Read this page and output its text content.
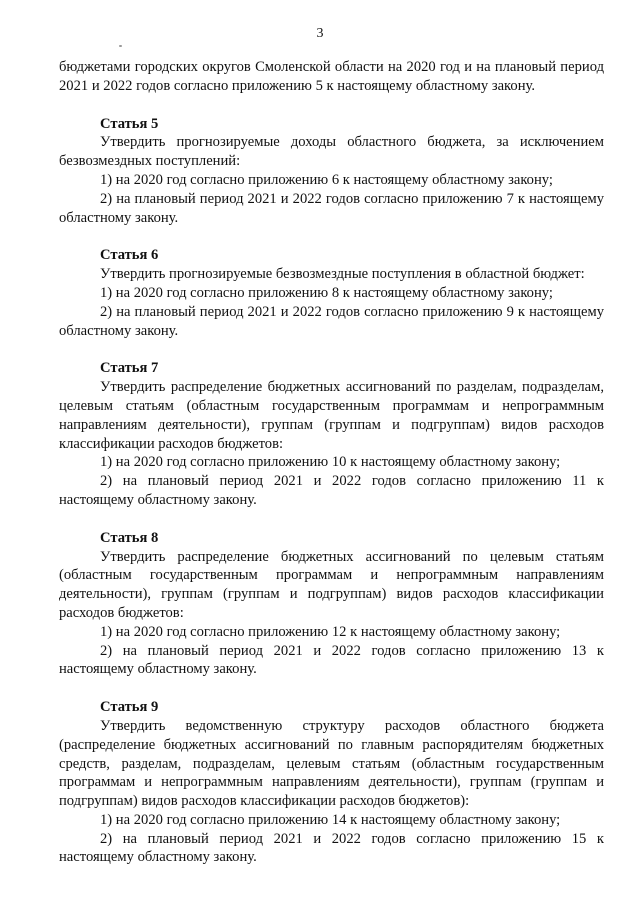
3

бюджетами городских округов Смоленской области на 2020 год и на плановый период 2021 и 2022 годов согласно приложению 5 к настоящему областному закону.

Статья 5

Утвердить прогнозируемые доходы областного бюджета, за исключением безвозмездных поступлений:

1) на 2020 год согласно приложению 6 к настоящему областному закону;

2) на плановый период 2021 и 2022 годов согласно приложению 7 к настоящему областному закону.

Статья 6

Утвердить прогнозируемые безвозмездные поступления в областной бюджет:

1) на 2020 год согласно приложению 8 к настоящему областному закону;

2) на плановый период 2021 и 2022 годов согласно приложению 9 к настоящему областному закону.

Статья 7

Утвердить распределение бюджетных ассигнований по разделам, подразделам, целевым статьям (областным государственным программам и непрограммным направлениям деятельности), группам (группам и подгруппам) видов расходов классификации расходов бюджетов:

1) на 2020 год согласно приложению 10 к настоящему областному закону;

2) на плановый период 2021 и 2022 годов согласно приложению 11 к настоящему областному закону.

Статья 8

Утвердить распределение бюджетных ассигнований по целевым статьям (областным государственным программам и непрограммным направлениям деятельности), группам (группам и подгруппам) видов расходов классификации расходов бюджетов:

1) на 2020 год согласно приложению 12 к настоящему областному закону;

2) на плановый период 2021 и 2022 годов согласно приложению 13 к настоящему областному закону.

Статья 9

Утвердить ведомственную структуру расходов областного бюджета (распределение бюджетных ассигнований по главным распорядителям бюджетных средств, разделам, подразделам, целевым статьям (областным государственным программам и непрограммным направлениям деятельности), группам (группам и подгруппам) видов расходов классификации расходов бюджетов):

1) на 2020 год согласно приложению 14 к настоящему областному закону;

2) на плановый период 2021 и 2022 годов согласно приложению 15 к настоящему областному закону.
